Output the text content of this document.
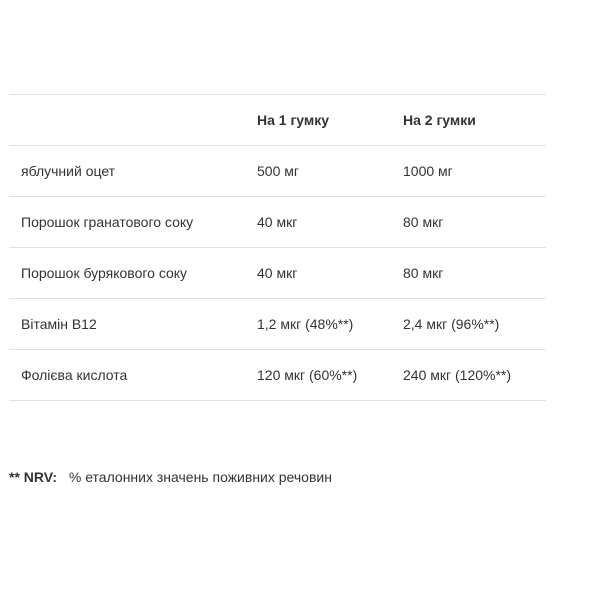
	На 1 гумку	На 2 гумки
яблучний оцет	500 мг	1000 мг
Порошок гранатового соку	40 мкг	80 мкг
Порошок бурякового соку	40 мкг	80 мкг
Вітамін B12	1,2 мкг (48%**)	2,4 мкг (96%**)
Фолієва кислота	120 мкг (60%**)	240 мкг (120%**)
** NRV: % еталонних значень поживних речовин
